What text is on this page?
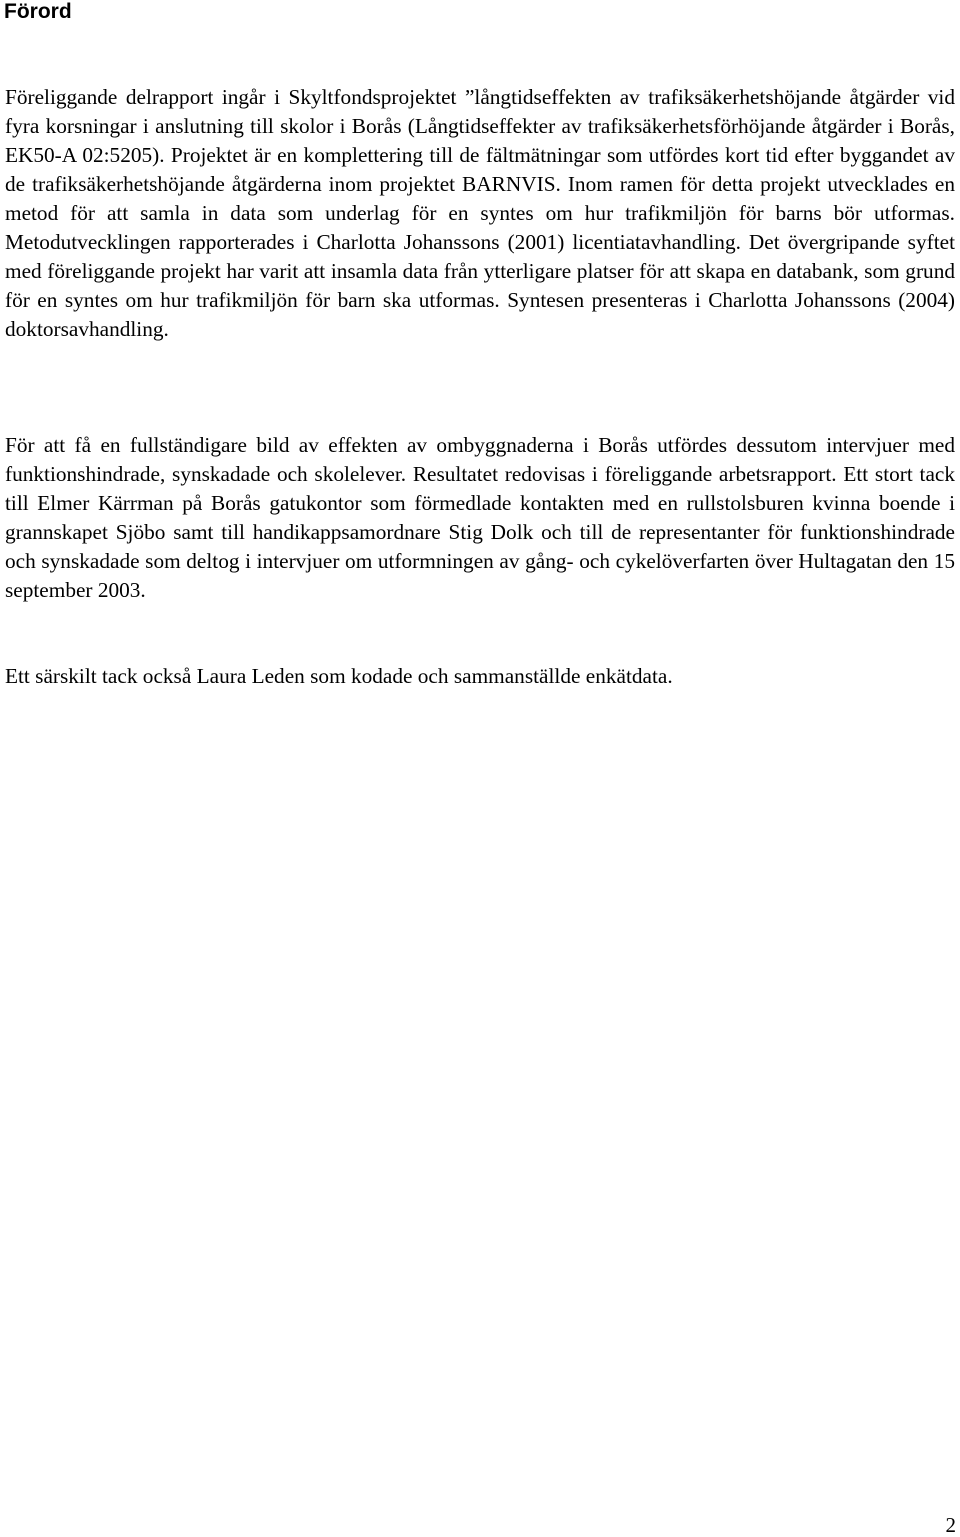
Förord

Föreliggande delrapport ingår i Skyltfondsprojektet ”långtidseffekten av trafiksäkerhetshöjande åtgärder vid fyra korsningar i anslutning till skolor i Borås (Långtidseffekter av trafiksäkerhetsförhöjande åtgärder i Borås, EK50-A 02:5205). Projektet är en komplettering till de fältmätningar som utfördes kort tid efter byggandet av de trafiksäkerhetshöjande åtgärderna inom projektet BARNVIS. Inom ramen för detta projekt utvecklades en metod för att samla in data som underlag för en syntes om hur trafikmiljön för barns bör utformas. Metodutvecklingen rapporterades i Charlotta Johanssons (2001) licentiatavhandling. Det övergripande syftet med föreliggande projekt har varit att insamla data från ytterligare platser för att skapa en databank, som grund för en syntes om hur trafikmiljön för barn ska utformas. Syntesen presenteras i Charlotta Johanssons (2004) doktorsavhandling.

För att få en fullständigare bild av effekten av ombyggnaderna i Borås utfördes dessutom intervjuer med funktionshindrade, synskadade och skolelever. Resultatet redovisas i föreliggande arbetsrapport. Ett stort tack till Elmer Kärrman på Borås gatukontor som förmedlade kontakten med en rullstolsburen kvinna boende i grannskapet Sjöbo samt till handikappsamordnare Stig Dolk och till de representanter för funktionshindrade och synskadade som deltog i intervjuer om utformningen av gång- och cykelöverfarten över Hultagatan den 15 september 2003.

Ett särskilt tack också Laura Leden som kodade och sammanställde enkätdata.

2
